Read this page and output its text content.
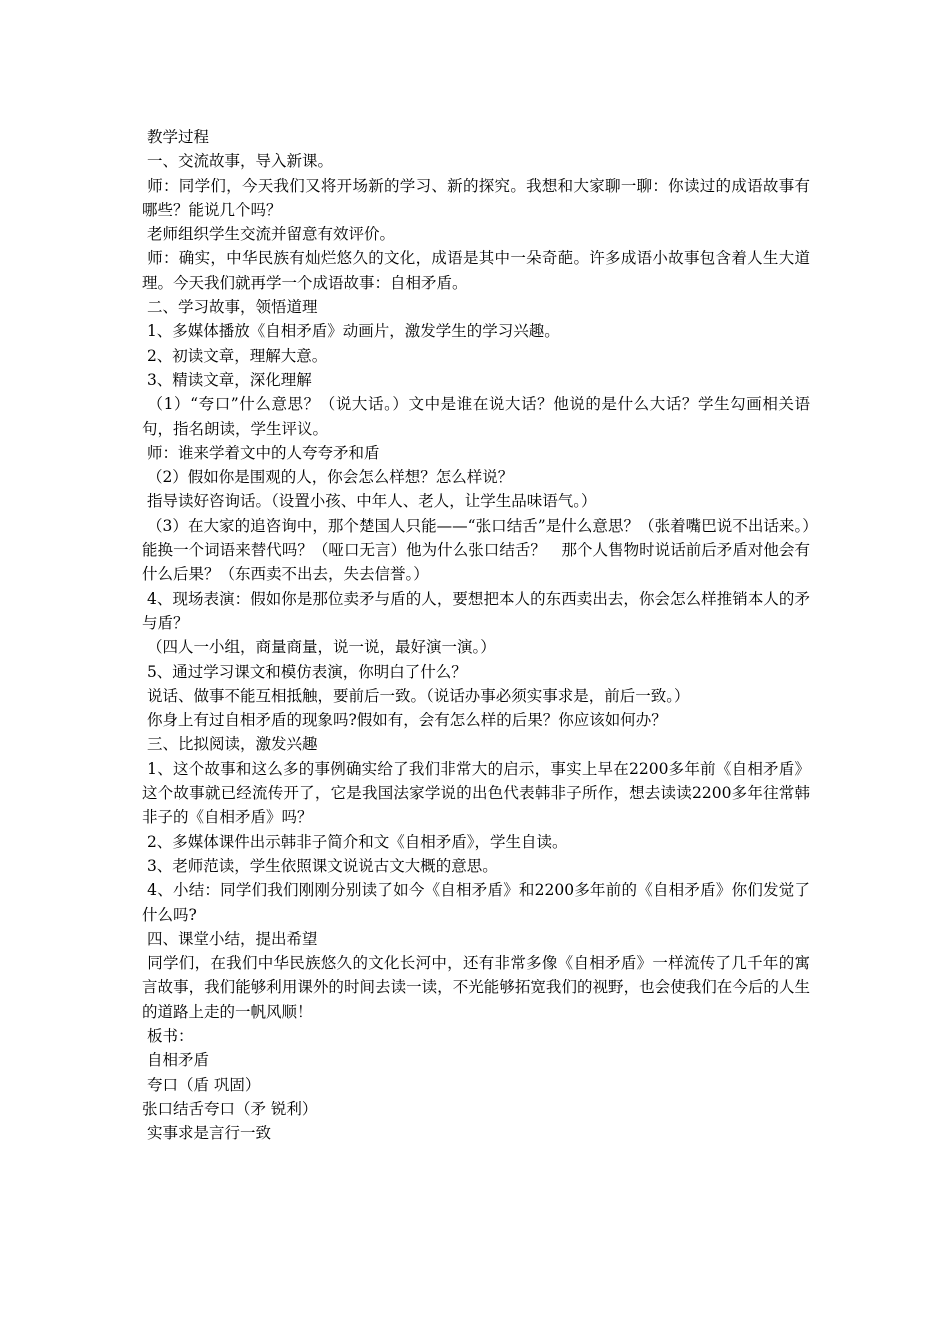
教学过程

一、交流故事，导入新课。

师：同学们，今天我们又将开场新的学习、新的探究。我想和大家聊一聊：你读过的成语故事有哪些？能说几个吗？

老师组织学生交流并留意有效评价。

师：确实，中华民族有灿烂悠久的文化，成语是其中一朵奇葩。许多成语小故事包含着人生大道理。今天我们就再学一个成语故事：自相矛盾。

二、学习故事，领悟道理

1、多媒体播放《自相矛盾》动画片，激发学生的学习兴趣。

2、初读文章，理解大意。

3、精读文章，深化理解

（1）“夸口”什么意思？（说大话。）文中是谁在说大话？他说的是什么大话？学生勾画相关语句，指名朗读，学生评议。

师：谁来学着文中的人夸夸矛和盾

（2）假如你是围观的人，你会怎么样想？怎么样说？

指导读好咨询话。（设置小孩、中年人、老人，让学生品味语气。）

（3）在大家的追咨询中，那个楚国人只能——“张口结舌”是什么意思？（张着嘴巴说不出话来。）能换一个词语来替代吗？（哑口无言）他为什么张口结舌？　那个人售物时说话前后矛盾对他会有什么后果？（东西卖不出去，失去信誉。）

4、现场表演：假如你是那位卖矛与盾的人，要想把本人的东西卖出去，你会怎么样推销本人的矛与盾？

（四人一小组，商量商量，说一说，最好演一演。）

5、通过学习课文和模仿表演，你明白了什么？

说话、做事不能互相抵触，要前后一致。（说话办事必须实事求是，前后一致。）

你身上有过自相矛盾的现象吗?假如有，会有怎么样的后果？你应该如何办？

三、比拟阅读，激发兴趣

1、这个故事和这么多的事例确实给了我们非常大的启示，事实上早在2200多年前《自相矛盾》这个故事就已经流传开了，它是我国法家学说的出色代表韩非子所作，想去读读2200多年往常韩非子的《自相矛盾》吗？

2、多媒体课件出示韩非子简介和文《自相矛盾》，学生自读。

3、老师范读，学生依照课文说说古文大概的意思。

4、小结：同学们我们刚刚分别读了如今《自相矛盾》和2200多年前的《自相矛盾》你们发觉了什么吗?

四、课堂小结，提出希望

同学们，在我们中华民族悠久的文化长河中，还有非常多像《自相矛盾》一样流传了几千年的寓言故事，我们能够利用课外的时间去读一读，不光能够拓宽我们的视野，也会使我们在今后的人生的道路上走的一帆风顺！

板书：

自相矛盾

夸口（盾 巩固）

张口结舌夸口（矛 锐利）

实事求是言行一致
